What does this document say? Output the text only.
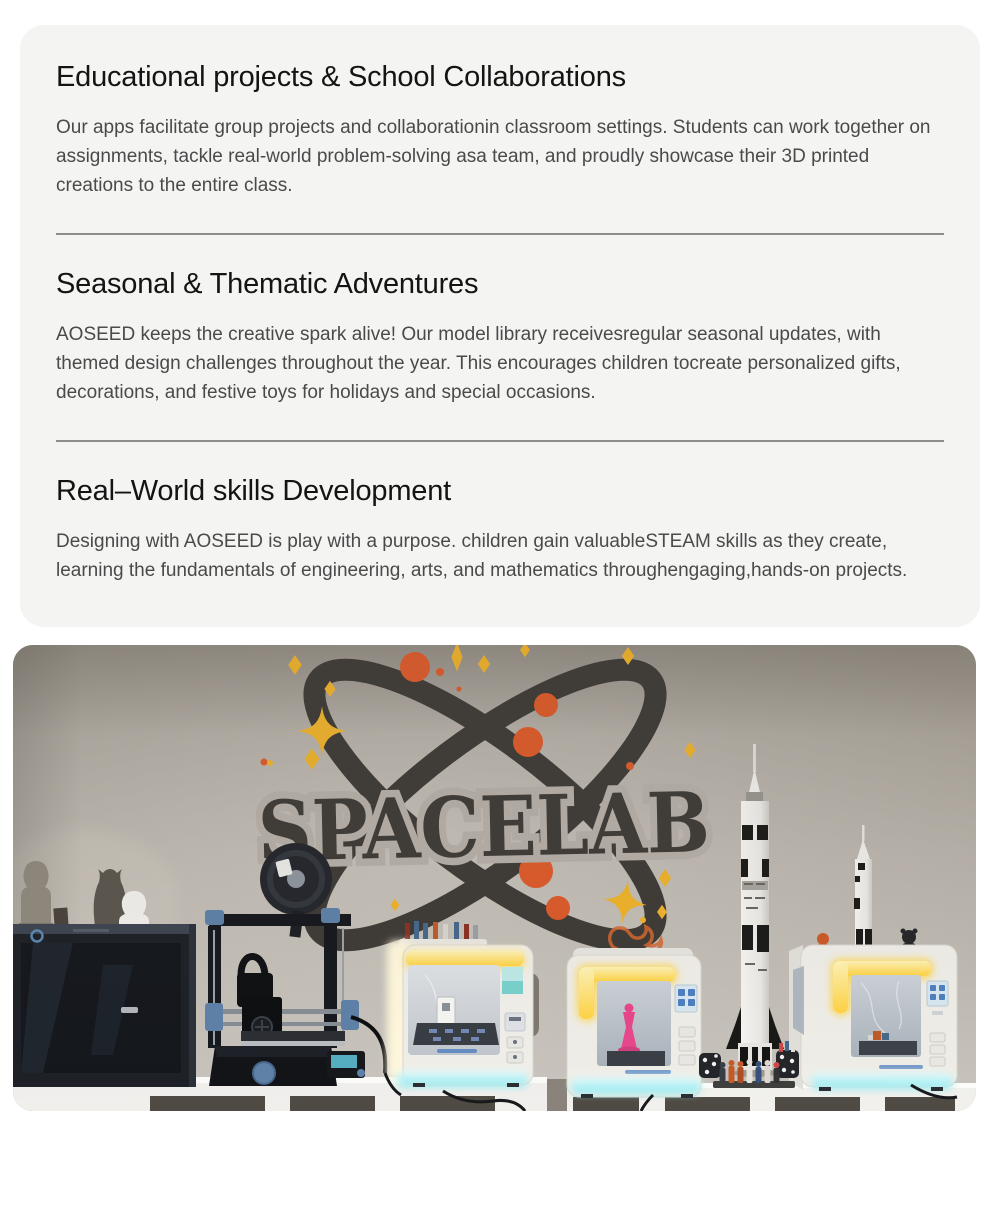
Educational projects & School Collaborations

Our apps facilitate group projects and collaborationin classroom settings. Students can work together on assignments, tackle real-world problem-solving asa team, and proudly showcase their 3D printed creations to the entire class.

Seasonal & Thematic Adventures

AOSEED keeps the creative spark alive! Our model library receivesregular seasonal updates, with themed design challenges throughout the year. This encourages children tocreate personalized gifts, decorations, and festive toys for holidays and special occasions.

Real–World skills Development

Designing with AOSEED is play with a purpose. children gain valuableSTEAM skills as they create, learning the fundamentals of engineering, arts, and mathematics throughengaging,hands-on projects.

SPACELAB
